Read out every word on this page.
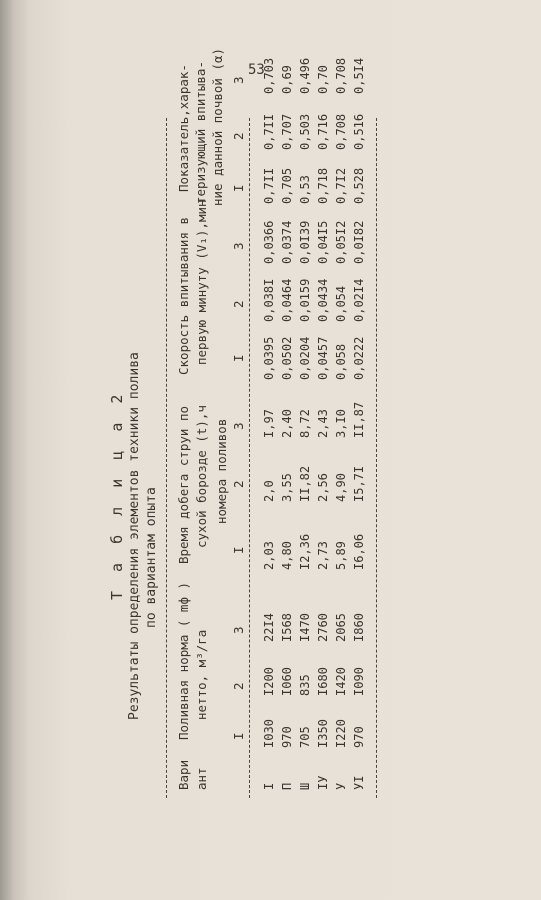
53
Т а б л и ц а 2 Результаты определения элементов техники полива по вариантам опыта
Вари ант
Поливная норма ( mф ) нетто, м³/га
Время добега струи по сухой борозде (t),ч
Скорость впитывания в первую минуту (V₁),мин
Показатель,харак- теризующий впитыва- ние данной почвой (α)
номера поливов
I
2
3
I
2
3
I
2
3
I
2
3
I
I030
I200
22I4
2,03
2,0
I,97
0,0395
0,038I
0,0366
0,7II
0,7II
0,703
П
970
I060
I568
4,80
3,55
2,40
0,0502
0,0464
0,0374
0,705
0,707
0,69
Ш
705
835
I470
I2,36
II,82
8,72
0,0204
0,0159
0,0I39
0,53
0,503
0,496
IУ
I350
I680
2760
2,73
2,56
2,43
0,0457
0,0434
0,04I5
0,718
0,716
0,70
У
I220
I420
2065
5,89
4,90
3,I0
0,058
0,054
0,05I2
0,7I2
0,708
0,708
УI
970
I090
I860
I6,06
I5,7I
II,87
0,0222
0,02I4
0,0I82
0,528
0,516
0,5I4
